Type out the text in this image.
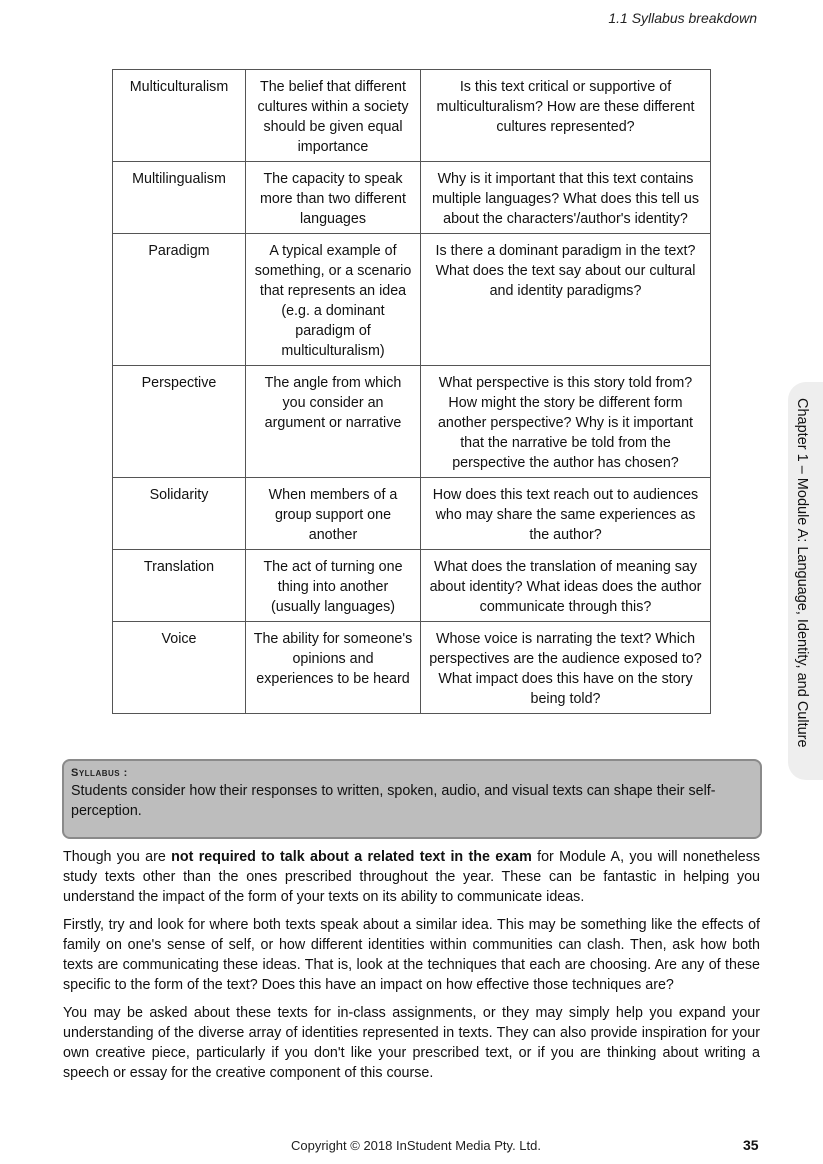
1.1 Syllabus breakdown
Multiculturalism	The belief that different cultures within a society should be given equal importance	Is this text critical or supportive of multiculturalism? How are these different cultures represented?
Multilingualism	The capacity to speak more than two different languages	Why is it important that this text contains multiple languages? What does this tell us about the characters'/author's identity?
Paradigm	A typical example of something, or a scenario that represents an idea (e.g. a dominant paradigm of multiculturalism)	Is there a dominant paradigm in the text? What does the text say about our cultural and identity paradigms?
Perspective	The angle from which you consider an argument or narrative	What perspective is this story told from? How might the story be different form another perspective? Why is it important that the narrative be told from the perspective the author has chosen?
Solidarity	When members of a group support one another	How does this text reach out to audiences who may share the same experiences as the author?
Translation	The act of turning one thing into another (usually languages)	What does the translation of meaning say about identity? What ideas does the author communicate through this?
Voice	The ability for someone's opinions and experiences to be heard	Whose voice is narrating the text? Which perspectives are the audience exposed to? What impact does this have on the story being told?	Chapter 1 – Module A: Language, Identity, and Culture
Syllabus :
Students consider how their responses to written, spoken, audio, and visual texts can shape their self-perception.

Though you are not required to talk about a related text in the exam for Module A, you will nonetheless study texts other than the ones prescribed throughout the year. These can be fantastic in helping you understand the impact of the form of your texts on its ability to communicate ideas.

Firstly, try and look for where both texts speak about a similar idea. This may be something like the effects of family on one's sense of self, or how different identities within communities can clash. Then, ask how both texts are communicating these ideas. That is, look at the techniques that each are choosing. Are any of these specific to the form of the text? Does this have an impact on how effective those techniques are?

You may be asked about these texts for in-class assignments, or they may simply help you expand your understanding of the diverse array of identities represented in texts. They can also provide inspiration for your own creative piece, particularly if you don't like your prescribed text, or if you are thinking about writing a speech or essay for the creative component of this course.

Copyright © 2018 InStudent Media Pty. Ltd.	35
